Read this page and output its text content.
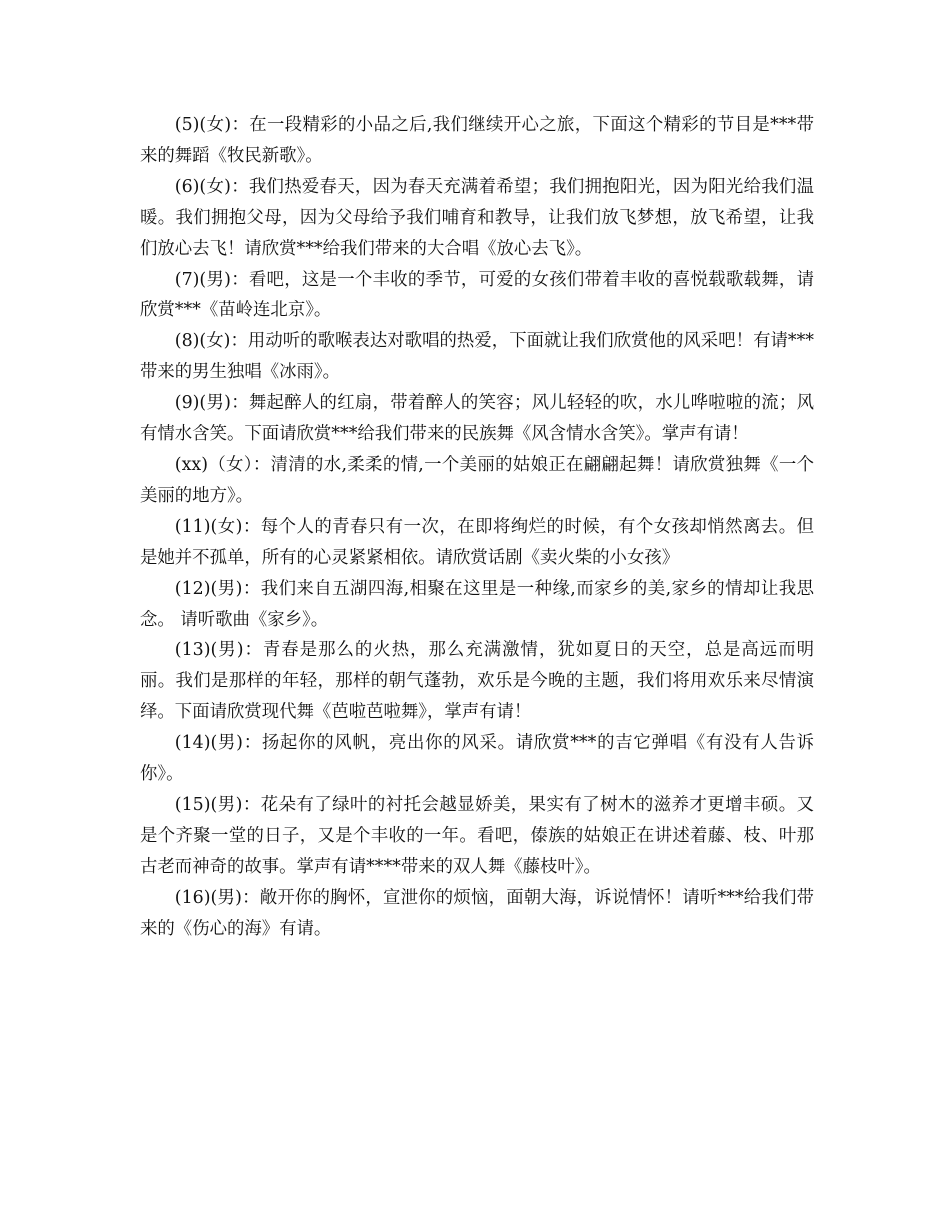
(5)(女)：在一段精彩的小品之后,我们继续开心之旅，下面这个精彩的节目是***带来的舞蹈《牧民新歌》。

(6)(女)：我们热爱春天，因为春天充满着希望；我们拥抱阳光，因为阳光给我们温暖。我们拥抱父母，因为父母给予我们哺育和教导，让我们放飞梦想，放飞希望，让我们放心去飞！请欣赏***给我们带来的大合唱《放心去飞》。

(7)(男)：看吧，这是一个丰收的季节，可爱的女孩们带着丰收的喜悦载歌载舞，请欣赏***《苗岭连北京》。

(8)(女)：用动听的歌喉表达对歌唱的热爱，下面就让我们欣赏他的风采吧！有请***带来的男生独唱《冰雨》。

(9)(男)：舞起醉人的红扇，带着醉人的笑容；风儿轻轻的吹，水儿哗啦啦的流；风有情水含笑。下面请欣赏***给我们带来的民族舞《风含情水含笑》。掌声有请！

(xx)（女）：清清的水,柔柔的情,一个美丽的姑娘正在翩翩起舞！请欣赏独舞《一个美丽的地方》。

(11)(女)：每个人的青春只有一次，在即将绚烂的时候，有个女孩却悄然离去。但是她并不孤单，所有的心灵紧紧相依。请欣赏话剧《卖火柴的小女孩》

(12)(男)：我们来自五湖四海,相聚在这里是一种缘,而家乡的美,家乡的情却让我思念。 请听歌曲《家乡》。

(13)(男)：青春是那么的火热，那么充满激情，犹如夏日的天空，总是高远而明丽。我们是那样的年轻，那样的朝气蓬勃，欢乐是今晚的主题，我们将用欢乐来尽情演绎。下面请欣赏现代舞《芭啦芭啦舞》，掌声有请！

(14)(男)：扬起你的风帆，亮出你的风采。请欣赏***的吉它弹唱《有没有人告诉你》。

(15)(男)：花朵有了绿叶的衬托会越显娇美，果实有了树木的滋养才更增丰硕。又是个齐聚一堂的日子，又是个丰收的一年。看吧，傣族的姑娘正在讲述着藤、枝、叶那古老而神奇的故事。掌声有请****带来的双人舞《藤枝叶》。

(16)(男)：敞开你的胸怀，宣泄你的烦恼，面朝大海，诉说情怀！请听***给我们带来的《伤心的海》有请。
